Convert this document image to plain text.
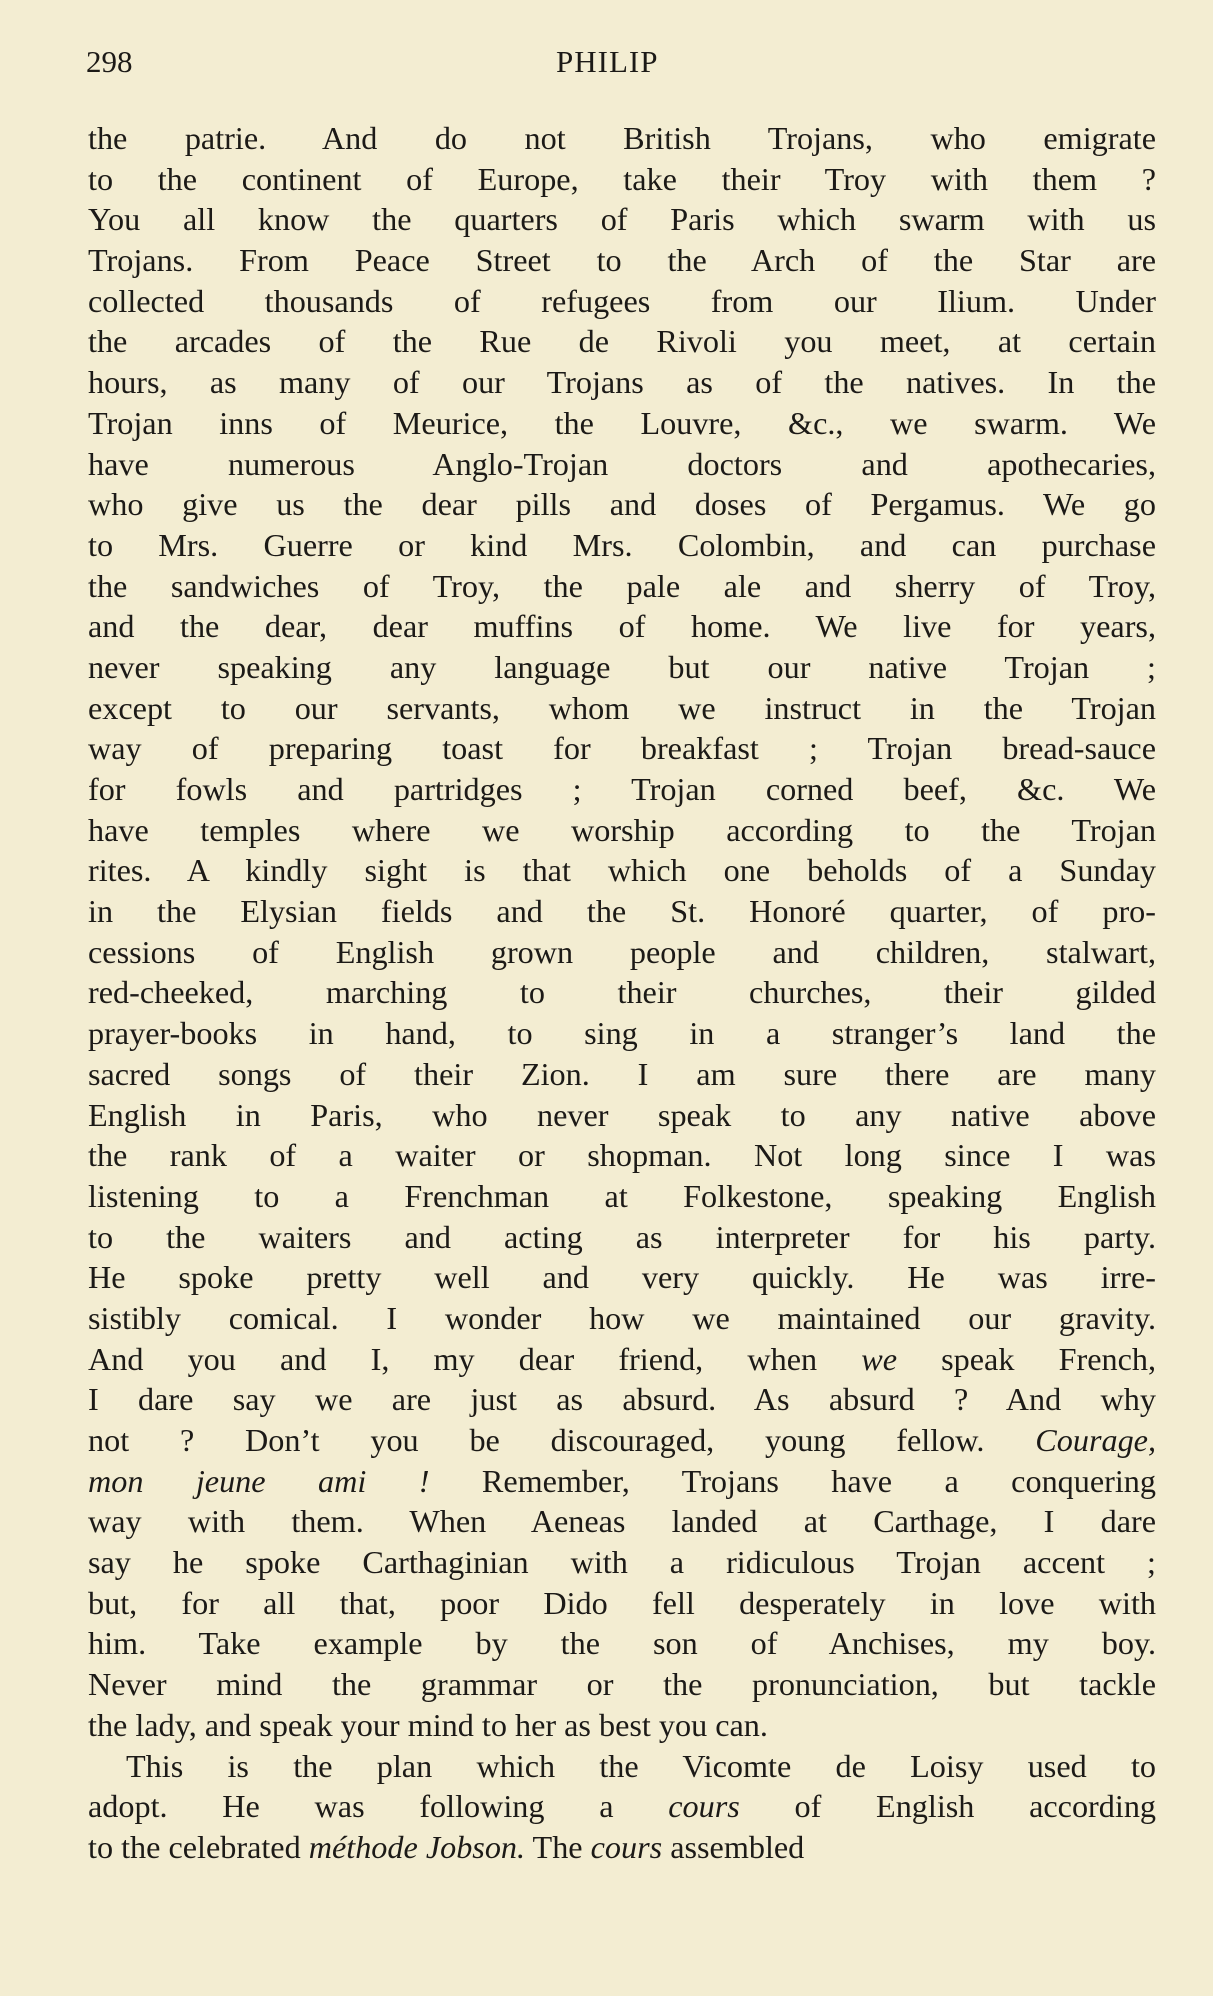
298	PHILIP
the patrie. And do not British Trojans, who emigrate
to the continent of Europe, take their Troy with them ?
You all know the quarters of Paris which swarm with us
Trojans. From Peace Street to the Arch of the Star are
collected thousands of refugees from our Ilium. Under
the arcades of the Rue de Rivoli you meet, at certain
hours, as many of our Trojans as of the natives. In the
Trojan inns of Meurice, the Louvre, &c., we swarm. We
have numerous Anglo-Trojan doctors and apothecaries,
who give us the dear pills and doses of Pergamus. We go
to Mrs. Guerre or kind Mrs. Colombin, and can purchase
the sandwiches of Troy, the pale ale and sherry of Troy,
and the dear, dear muffins of home. We live for years,
never speaking any language but our native Trojan ;
except to our servants, whom we instruct in the Trojan
way of preparing toast for breakfast ; Trojan bread-sauce
for fowls and partridges ; Trojan corned beef, &c. We
have temples where we worship according to the Trojan
rites. A kindly sight is that which one beholds of a Sunday
in the Elysian fields and the St. Honoré quarter, of pro-
cessions of English grown people and children, stalwart,
red-cheeked, marching to their churches, their gilded
prayer-books in hand, to sing in a stranger’s land the
sacred songs of their Zion. I am sure there are many
English in Paris, who never speak to any native above
the rank of a waiter or shopman. Not long since I was
listening to a Frenchman at Folkestone, speaking English
to the waiters and acting as interpreter for his party.
He spoke pretty well and very quickly. He was irre-
sistibly comical. I wonder how we maintained our gravity.
And you and I, my dear friend, when we speak French,
I dare say we are just as absurd. As absurd ? And why
not ? Don’t you be discouraged, young fellow. Courage,
mon jeune ami ! Remember, Trojans have a conquering
way with them. When Aeneas landed at Carthage, I dare
say he spoke Carthaginian with a ridiculous Trojan accent ;
but, for all that, poor Dido fell desperately in love with
him. Take example by the son of Anchises, my boy.
Never mind the grammar or the pronunciation, but tackle
the lady, and speak your mind to her as best you can.
This is the plan which the Vicomte de Loisy used to
adopt. He was following a cours of English according
to the celebrated méthode Jobson. The cours assembled
